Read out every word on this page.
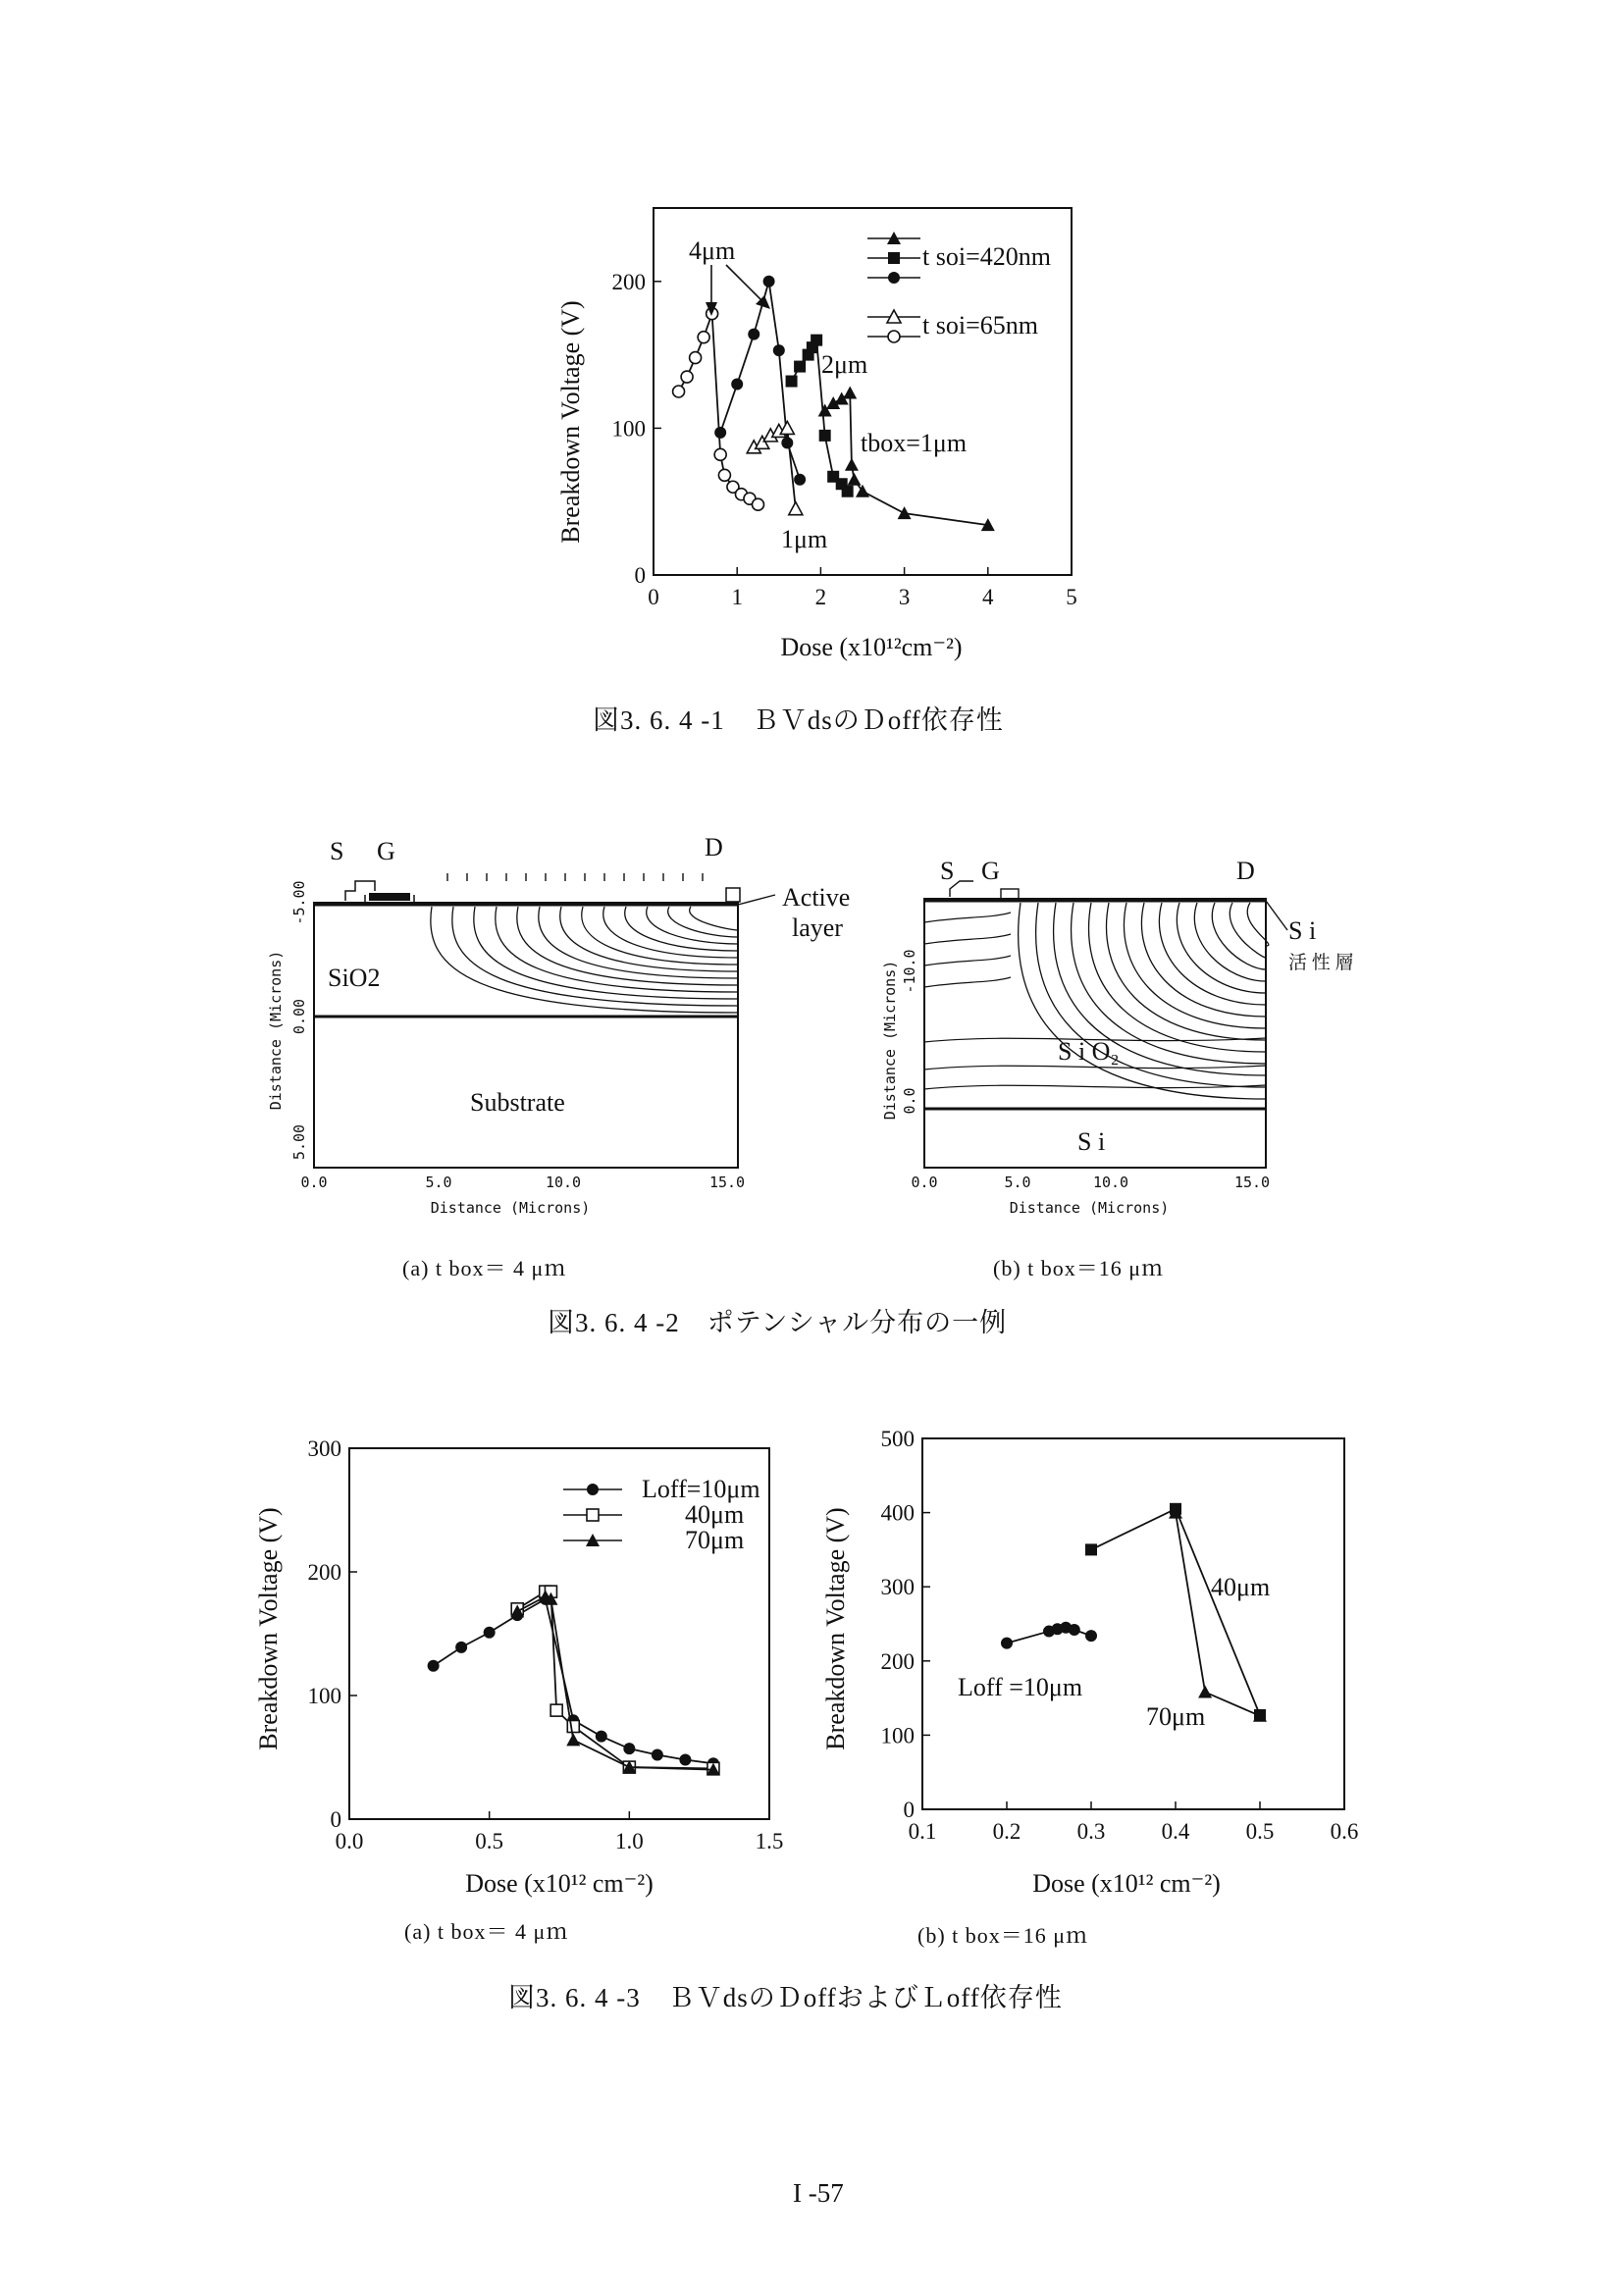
0	1	2	3	4	5
0
100
200
Breakdown Voltage (V)
Dose (x10¹²cm⁻²)
4μm
2μm
1μm
tbox=1μm
t soi=420nm
t soi=65nm
図3. 6. 4 -1　ＢＶdsのＤoff依存性
0.0	5.0	10.0	15.0
-5.00
0.00
5.00
0.0	5.0	10.0	15.0
-10.0
0.0
S G	D
Active
layer
SiO2
Substrate
Distance (Microns)
Distance (Microns)
S G	D
S i
活 性 層
S i O₂
S i
Distance (Microns)
Distance (Microns)
(a) t box＝ 4 μｍ	(b) t box＝16 μｍ
図3. 6. 4 -2　ポテンシャル分布の一例
0.0	0.5	1.0	1.5
0
100
200
300
0.1 0.2 0.3 0.4 0.5 0.6
0
100
200
300
400
500
Breakdown Voltage (V)
Dose (x10¹² cm⁻²)
Loff=10μm
40μm
70μm	Breakdown Voltage (V)
Dose (x10¹² cm⁻²)
40μm
Loff =10μm
70μm
(a) t box＝ 4 μｍ	(b) t box＝16 μｍ
図3. 6. 4 -3　ＢＶdsのＤoffおよびＬoff依存性
I -57
